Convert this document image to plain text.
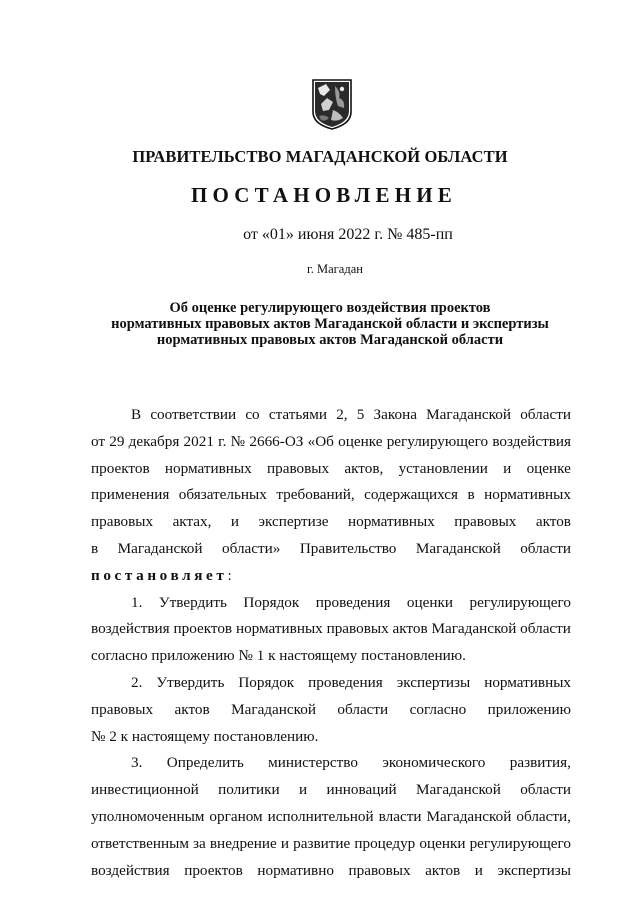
ПРАВИТЕЛЬСТВО МАГАДАНСКОЙ ОБЛАСТИ
ПОСТАНОВЛЕНИЕ
от «01» июня 2022 г. № 485-пп
г. Магадан
Об оценке регулирующего воздействия проектов
нормативных правовых актов Магаданской области и экспертизы
нормативных правовых актов Магаданской области
В соответствии со статьями 2, 5 Закона Магаданской области
от 29 декабря 2021 г. № 2666-ОЗ «Об оценке регулирующего воздействия
проектов нормативных правовых актов, установлении и оценке
применения обязательных требований, содержащихся в нормативных
правовых актах, и экспертизе нормативных правовых актов
в Магаданской области» Правительство Магаданской области
постановляет:
1. Утвердить Порядок проведения оценки регулирующего
воздействия проектов нормативных правовых актов Магаданской области
согласно приложению № 1 к настоящему постановлению.
2. Утвердить Порядок проведения экспертизы нормативных
правовых актов Магаданской области согласно приложению
№ 2 к настоящему постановлению.
3. Определить министерство экономического развития,
инвестиционной политики и инноваций Магаданской области
уполномоченным органом исполнительной власти Магаданской области,
ответственным за внедрение и развитие процедур оценки регулирующего
воздействия проектов нормативно правовых актов и экспертизы
